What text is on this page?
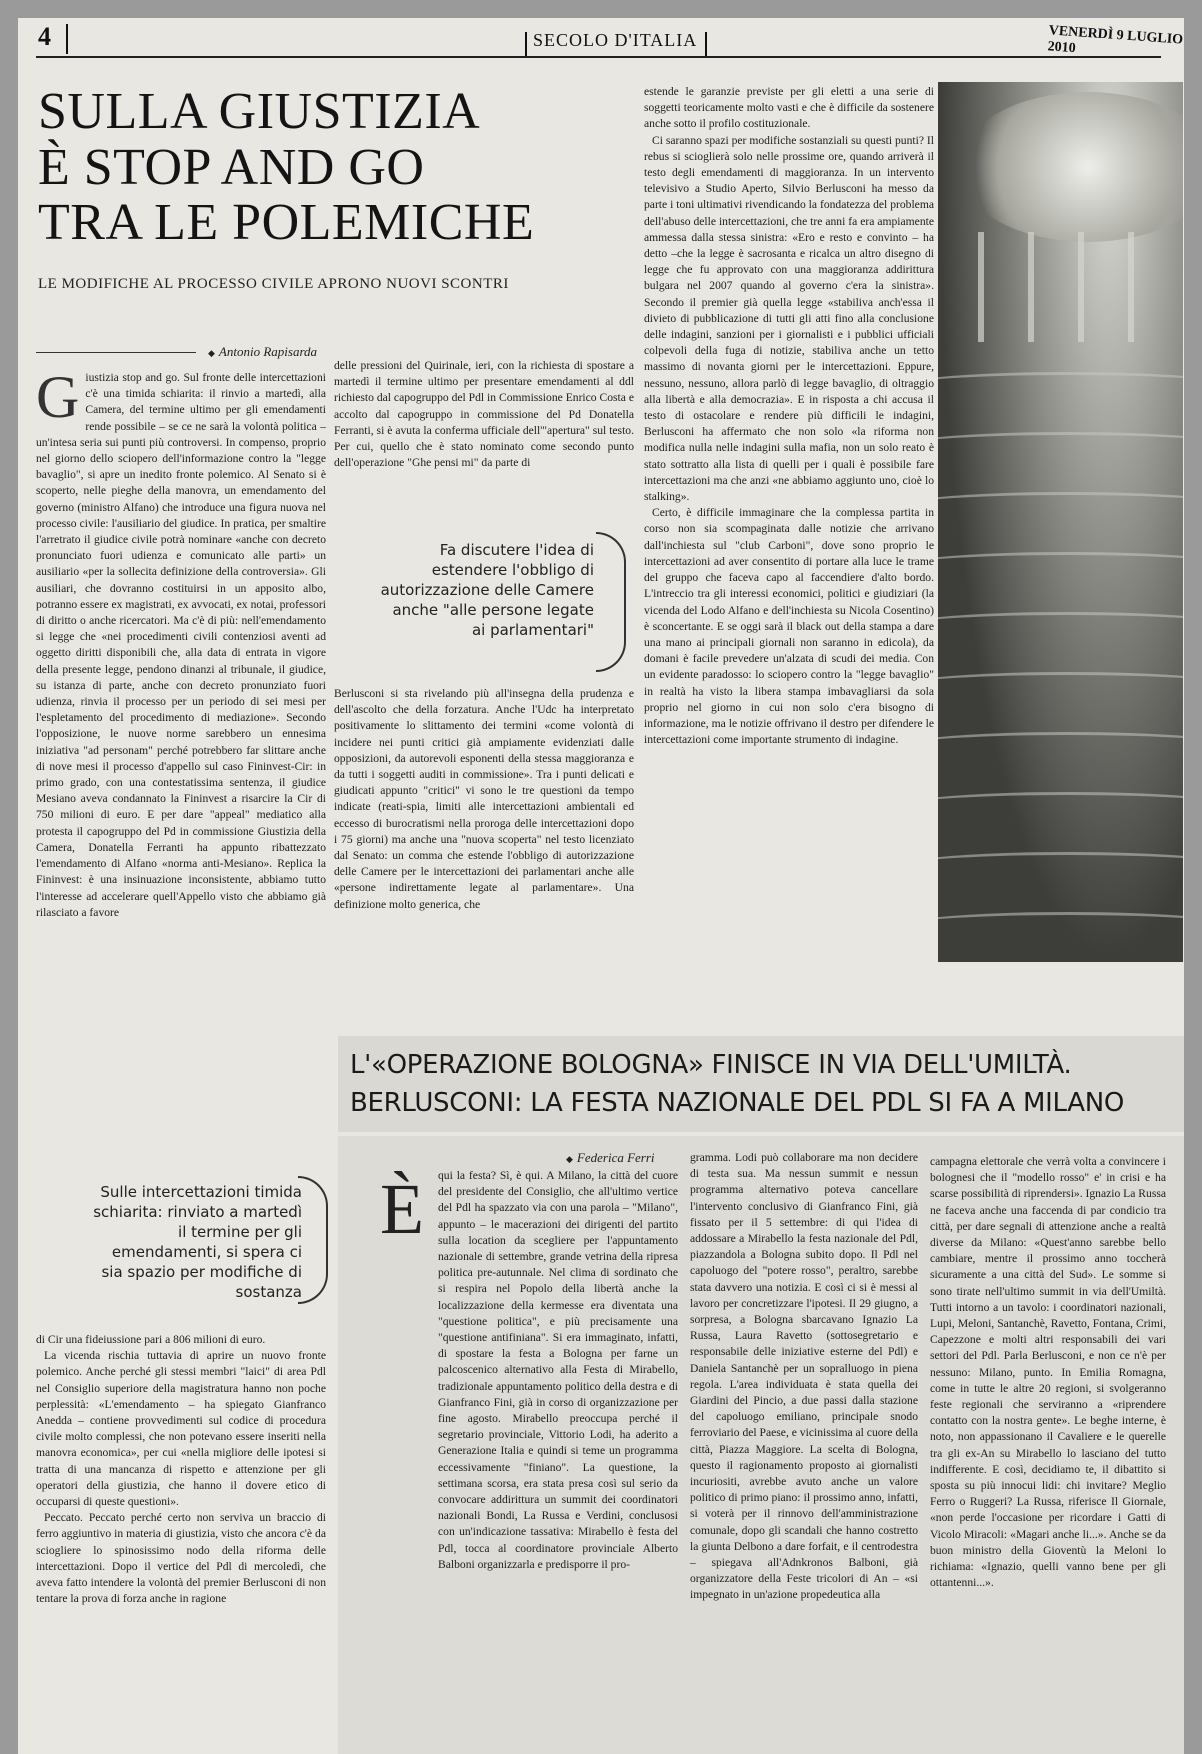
4	SECOLO D'ITALIA	VENERDÌ 9 LUGLIO 2010
SULLA GIUSTIZIA
È STOP AND GO
TRA LE POLEMICHE
LE MODIFICHE AL PROCESSO CIVILE APRONO NUOVI SCONTRI
◆ Antonio Rapisarda

Giustizia stop and go. Sul fronte delle intercettazioni c'è una timida schiarita: il rinvio a martedì, alla Camera, del termine ultimo per gli emendamenti rende possibile – se ce ne sarà la volontà politica – un'intesa seria sui punti più controversi. In compenso, proprio nel giorno dello sciopero dell'informazione contro la "legge bavaglio", si apre un inedito fronte polemico. Al Senato si è scoperto, nelle pieghe della manovra, un emendamento del governo (ministro Alfano) che introduce una figura nuova nel processo civile: l'ausiliario del giudice. In pratica, per smaltire l'arretrato il giudice civile potrà nominare «anche con decreto pronunciato fuori udienza e comunicato alle parti» un ausiliario «per la sollecita definizione della controversia». Gli ausiliari, che dovranno costituirsi in un apposito albo, potranno essere ex magistrati, ex avvocati, ex notai, professori di diritto o anche ricercatori. Ma c'è di più: nell'emendamento si legge che «nei procedimenti civili contenziosi aventi ad oggetto diritti disponibili che, alla data di entrata in vigore della presente legge, pendono dinanzi al tribunale, il giudice, su istanza di parte, anche con decreto pronunziato fuori udienza, rinvia il processo per un periodo di sei mesi per l'espletamento del procedimento di mediazione». Secondo l'opposizione, le nuove norme sarebbero un ennesima iniziativa "ad personam" perché potrebbero far slittare anche di nove mesi il processo d'appello sul caso Fininvest-Cir: in primo grado, con una contestatissima sentenza, il giudice Mesiano aveva condannato la Fininvest a risarcire la Cir di 750 milioni di euro. E per dare "appeal" mediatico alla protesta il capogruppo del Pd in commissione Giustizia della Camera, Donatella Ferranti ha appunto ribattezzato l'emendamento di Alfano «norma anti-Mesiano». Replica la Fininvest: è una insinuazione inconsistente, abbiamo tutto l'interesse ad accelerare quell'Appello visto che abbiamo già rilasciato a favore

Sulle intercettazioni timida schiarita: rinviato a martedì il termine per gli emendamenti, si spera ci sia spazio per modifiche di sostanza

di Cir una fideiussione pari a 806 milioni di euro.

La vicenda rischia tuttavia di aprire un nuovo fronte polemico. Anche perché gli stessi membri "laici" di area Pdl nel Consiglio superiore della magistratura hanno non poche perplessità: «L'emendamento – ha spiegato Gianfranco Anedda – contiene provvedimenti sul codice di procedura civile molto complessi, che non potevano essere inseriti nella manovra economica», per cui «nella migliore delle ipotesi si tratta di una mancanza di rispetto e attenzione per gli operatori della giustizia, che hanno il dovere etico di occuparsi di queste questioni».

Peccato. Peccato perché certo non serviva un braccio di ferro aggiuntivo in materia di giustizia, visto che ancora c'è da sciogliere lo spinosissimo nodo della riforma delle intercettazioni. Dopo il vertice del Pdl di mercoledì, che aveva fatto intendere la volontà del premier Berlusconi di non tentare la prova di forza anche in ragione

delle pressioni del Quirinale, ieri, con la richiesta di spostare a martedì il termine ultimo per presentare emendamenti al ddl richiesto dal capogruppo del Pdl in Commissione Enrico Costa e accolto dal capogruppo in commissione del Pd Donatella Ferranti, si è avuta la conferma ufficiale dell'"apertura" sul testo. Per cui, quello che è stato nominato come secondo punto dell'operazione "Ghe pensi mi" da parte di

Fa discutere l'idea di estendere l'obbligo di autorizzazione delle Camere anche "alle persone legate ai parlamentari"

Berlusconi si sta rivelando più all'insegna della prudenza e dell'ascolto che della forzatura. Anche l'Udc ha interpretato positivamente lo slittamento dei termini «come volontà di incidere nei punti critici già ampiamente evidenziati dalle opposizioni, da autorevoli esponenti della stessa maggioranza e da tutti i soggetti auditi in commissione». Tra i punti delicati e giudicati appunto "critici" vi sono le tre questioni da tempo indicate (reati-spia, limiti alle intercettazioni ambientali ed eccesso di burocratismi nella proroga delle intercettazioni dopo i 75 giorni) ma anche una "nuova scoperta" nel testo licenziato dal Senato: un comma che estende l'obbligo di autorizzazione delle Camere per le intercettazioni dei parlamentari anche alle «persone indirettamente legate al parlamentare». Una definizione molto generica, che

estende le garanzie previste per gli eletti a una serie di soggetti teoricamente molto vasti e che è difficile da sostenere anche sotto il profilo costituzionale.

Ci saranno spazi per modifiche sostanziali su questi punti? Il rebus si scioglierà solo nelle prossime ore, quando arriverà il testo degli emendamenti di maggioranza. In un intervento televisivo a Studio Aperto, Silvio Berlusconi ha messo da parte i toni ultimativi rivendicando la fondatezza del problema dell'abuso delle intercettazioni, che tre anni fa era ampiamente ammessa dalla stessa sinistra: «Ero e resto e convinto – ha detto –che la legge è sacrosanta e ricalca un altro disegno di legge che fu approvato con una maggioranza addirittura bulgara nel 2007 quando al governo c'era la sinistra». Secondo il premier già quella legge «stabiliva anch'essa il divieto di pubblicazione di tutti gli atti fino alla conclusione delle indagini, sanzioni per i giornalisti e i pubblici ufficiali colpevoli della fuga di notizie, stabiliva anche un tetto massimo di novanta giorni per le intercettazioni. Eppure, nessuno, nessuno, allora parlò di legge bavaglio, di oltraggio alla libertà e alla democrazia». E in risposta a chi accusa il testo di ostacolare e rendere più difficili le indagini, Berlusconi ha affermato che non solo «la riforma non modifica nulla nelle indagini sulla mafia, non un solo reato è stato sottratto alla lista di quelli per i quali è possibile fare intercettazioni ma che anzi «ne abbiamo aggiunto uno, cioè lo stalking».

Certo, è difficile immaginare che la complessa partita in corso non sia scompaginata dalle notizie che arrivano dall'inchiesta sul "club Carboni", dove sono proprio le intercettazioni ad aver consentito di portare alla luce le trame del gruppo che faceva capo al faccendiere d'alto bordo. L'intreccio tra gli interessi economici, politici e giudiziari (la vicenda del Lodo Alfano e dell'inchiesta su Nicola Cosentino) è sconcertante. E se oggi sarà il black out della stampa a dare una mano ai principali giornali non saranno in edicola), da domani è facile prevedere un'alzata di scudi dei media. Con un evidente paradosso: lo sciopero contro la "legge bavaglio" in realtà ha visto la libera stampa imbavagliarsi da sola proprio nel giorno in cui non solo c'era bisogno di informazione, ma le notizie offrivano il destro per difendere le intercettazioni come importante strumento di indagine.

L'«OPERAZIONE BOLOGNA» FINISCE IN VIA DELL'UMILTÀ.
BERLUSCONI: LA FESTA NAZIONALE DEL PDL SI FA A MILANO
◆ Federica Ferri
È qui la festa? Sì, è qui. A Milano, la città del cuore del presidente del Consiglio, che all'ultimo vertice del Pdl ha spazzato via con una parola – "Milano", appunto – le macerazioni dei dirigenti del partito sulla location da scegliere per l'appuntamento nazionale di settembre, grande vetrina della ripresa politica pre-autunnale. Nel clima di sordinato che si respira nel Popolo della libertà anche la localizzazione della kermesse era diventata una "questione politica", e più precisamente una "questione antifiniana". Si era immaginato, infatti, di spostare la festa a Bologna per farne un palcoscenico alternativo alla Festa di Mirabello, tradizionale appuntamento politico della destra e di Gianfranco Fini, già in corso di organizzazione per fine agosto. Mirabello preoccupa perché il segretario provinciale, Vittorio Lodi, ha aderito a Generazione Italia e quindi si teme un programma eccessivamente "finiano". La questione, la settimana scorsa, era stata presa così sul serio da convocare addirittura un summit dei coordinatori nazionali Bondi, La Russa e Verdini, conclusosi con un'indicazione tassativa: Mirabello è festa del Pdl, tocca al coordinatore provinciale Alberto Balboni organizzarla e predisporre il pro-

gramma. Lodi può collaborare ma non decidere di testa sua. Ma nessun summit e nessun programma alternativo poteva cancellare l'intervento conclusivo di Gianfranco Fini, già fissato per il 5 settembre: di qui l'idea di addossare a Mirabello la festa nazionale del Pdl, piazzandola a Bologna subito dopo. Il Pdl nel capoluogo del "potere rosso", peraltro, sarebbe stata davvero una notizia. E così ci si è messi al lavoro per concretizzare l'ipotesi. Il 29 giugno, a sorpresa, a Bologna sbarcavano Ignazio La Russa, Laura Ravetto (sottosegretario e responsabile delle iniziative esterne del Pdl) e Daniela Santanchè per un sopralluogo in piena regola. L'area individuata è stata quella dei Giardini del Pincio, a due passi dalla stazione del capoluogo emiliano, principale snodo ferroviario del Paese, e vicinissima al cuore della città, Piazza Maggiore. La scelta di Bologna, questo il ragionamento proposto ai giornalisti incuriositi, avrebbe avuto anche un valore politico di primo piano: il prossimo anno, infatti, si voterà per il rinnovo dell'amministrazione comunale, dopo gli scandali che hanno costretto la giunta Delbono a dare forfait, e il centrodestra – spiegava all'Adnkronos Balboni, già organizzatore della Feste tricolori di An – «si impegnato in un'azione propedeutica alla

campagna elettorale che verrà volta a convincere i bolognesi che il "modello rosso" e' in crisi e ha scarse possibilità di riprendersi». Ignazio La Russa ne faceva anche una faccenda di par condicio tra città, per dare segnali di attenzione anche a realtà diverse da Milano: «Quest'anno sarebbe bello cambiare, mentre il prossimo anno toccherà sicuramente a una città del Sud». Le somme si sono tirate nell'ultimo summit in via dell'Umiltà. Tutti intorno a un tavolo: i coordinatori nazionali, Lupi, Meloni, Santanchè, Ravetto, Fontana, Crimi, Capezzone e molti altri responsabili dei vari settori del Pdl. Parla Berlusconi, e non ce n'è per nessuno: Milano, punto. In Emilia Romagna, come in tutte le altre 20 regioni, si svolgeranno feste regionali che serviranno a «riprendere contatto con la nostra gente». Le beghe interne, è noto, non appassionano il Cavaliere e le querelle tra gli ex-An su Mirabello lo lasciano del tutto indifferente. E così, decidiamo te, il dibattito si sposta su più innocui lidi: chi invitare? Meglio Ferro o Ruggeri? La Russa, riferisce Il Giornale, «non perde l'occasione per ricordare i Gatti di Vicolo Miracoli: «Magari anche li...». Anche se da buon ministro della Gioventù la Meloni lo richiama: «Ignazio, quelli vanno bene per gli ottantenni...».
